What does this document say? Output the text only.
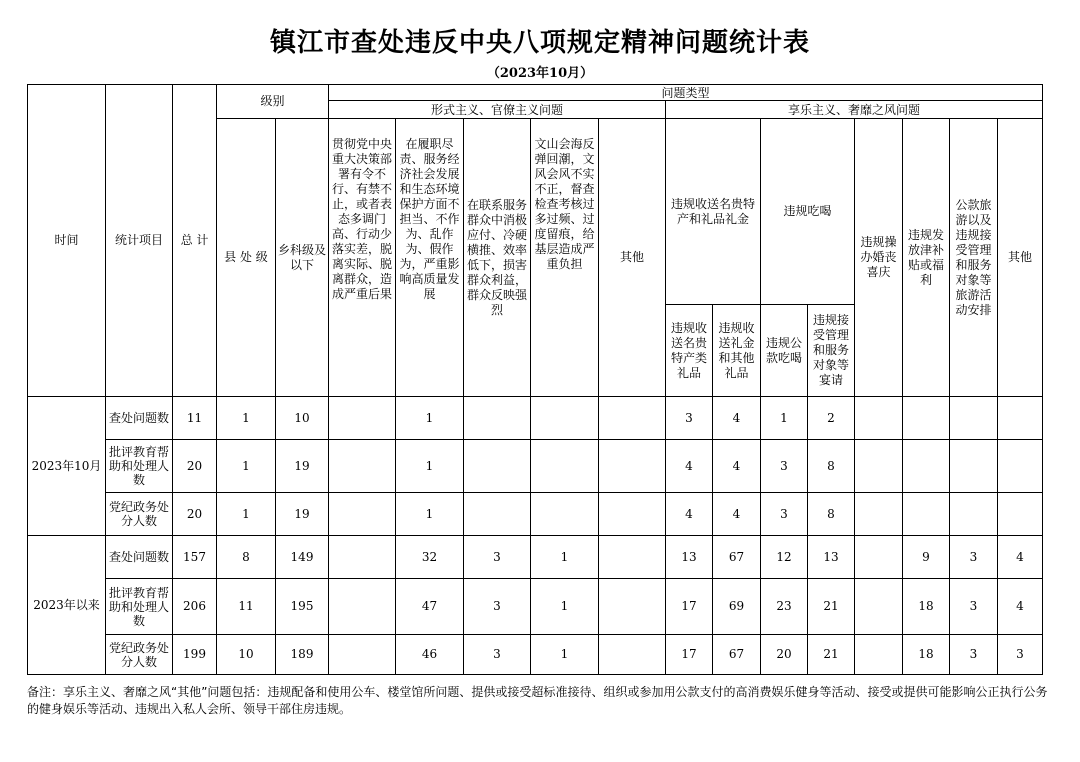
镇江市查处违反中央八项规定精神问题统计表
（2023年10月）
时间	统计项目	总 计	级别		问题类型												
					形式主义、官僚主义问题					享乐主义、奢靡之风问题							
			县 处 级	乡科级及以下	贯彻党中央重大决策部署有令不行、有禁不止，或者表态多调门高、行动少落实差，脱离实际、脱离群众，造成严重后果	在履职尽责、服务经济社会发展和生态环境保护方面不担当、不作为、乱作为、假作为，严重影响高质量发展	在联系服务群众中消极应付、冷硬横推、效率低下，损害群众利益，群众反映强烈	文山会海反弹回潮，文风会风不实不正，督查检查考核过多过频、过度留痕，给基层造成严重负担	其他	违规收送名贵特产和礼品礼金		违规吃喝		违规操办婚丧喜庆	违规发放津补贴或福利	公款旅游以及违规接受管理和服务对象等旅游活动安排	其他
										违规收送名贵特产类礼品	违规收送礼金和其他礼品	违规公款吃喝	违规接受管理和服务对象等宴请				
2023年10月	查处问题数	11	1	10		1				3	4	1	2				
	批评教育帮助和处理人数	20	1	19		1				4	4	3	8				
	党纪政务处分人数	20	1	19		1				4	4	3	8				
2023年以来	查处问题数	157	8	149		32	3	1		13	67	12	13		9	3	4
	批评教育帮助和处理人数	206	11	195		47	3	1		17	69	23	21		18	3	4
	党纪政务处分人数	199	10	189		46	3	1		17	67	20	21		18	3	3
备注：享乐主义、奢靡之风“其他”问题包括：违规配备和使用公车、楼堂馆所问题、提供或接受超标准接待、组织或参加用公款支付的高消费娱乐健身等活动、接受或提供可能影响公正执行公务的健身娱乐等活动、违规出入私人会所、领导干部住房违规。
